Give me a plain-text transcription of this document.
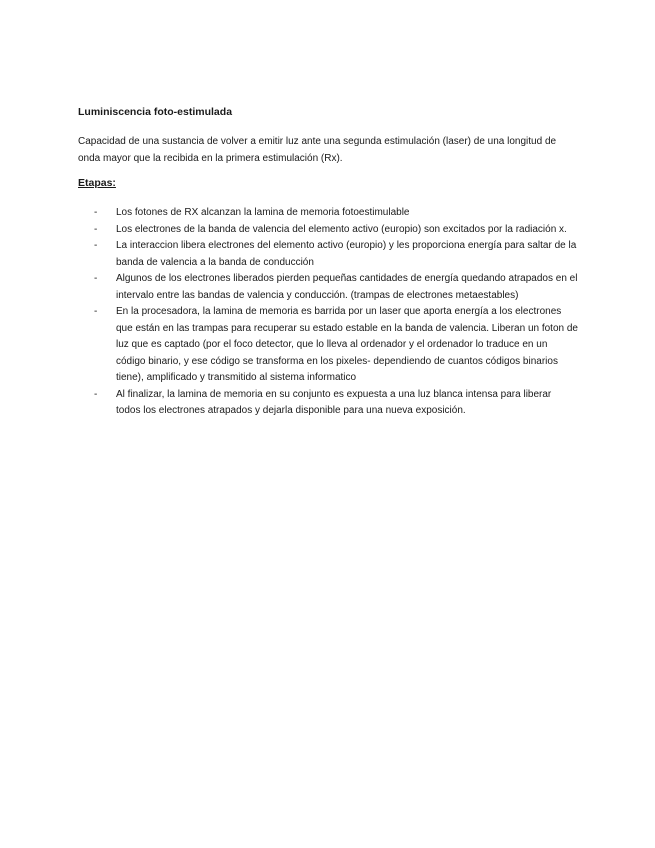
Luminiscencia foto-estimulada

Capacidad de una sustancia de volver a emitir luz ante una segunda estimulación (laser) de una longitud de onda mayor que la recibida en la primera estimulación (Rx).

Etapas:

- Los fotones de RX alcanzan la lamina de memoria fotoestimulable
- Los electrones de la banda de valencia del elemento activo (europio) son excitados por la radiación x.
- La interaccion libera electrones del elemento activo (europio) y les proporciona energía para saltar de la banda de valencia a la banda de conducción
- Algunos de los electrones liberados pierden pequeñas cantidades de energía quedando atrapados en el intervalo entre las bandas de valencia y conducción. (trampas de electrones metaestables)
- En la procesadora, la lamina de memoria es barrida por un laser que aporta energía a los electrones que están en las trampas para recuperar su estado estable en la banda de valencia. Liberan un foton de luz que es captado (por el foco detector, que lo lleva al ordenador y el ordenador lo traduce en un código binario, y ese código se transforma en los pixeles- dependiendo de cuantos códigos binarios tiene), amplificado y transmitido al sistema informatico
- Al finalizar, la lamina de memoria en su conjunto es expuesta a una luz blanca intensa para liberar todos los electrones atrapados y dejarla disponible para una nueva exposición.
